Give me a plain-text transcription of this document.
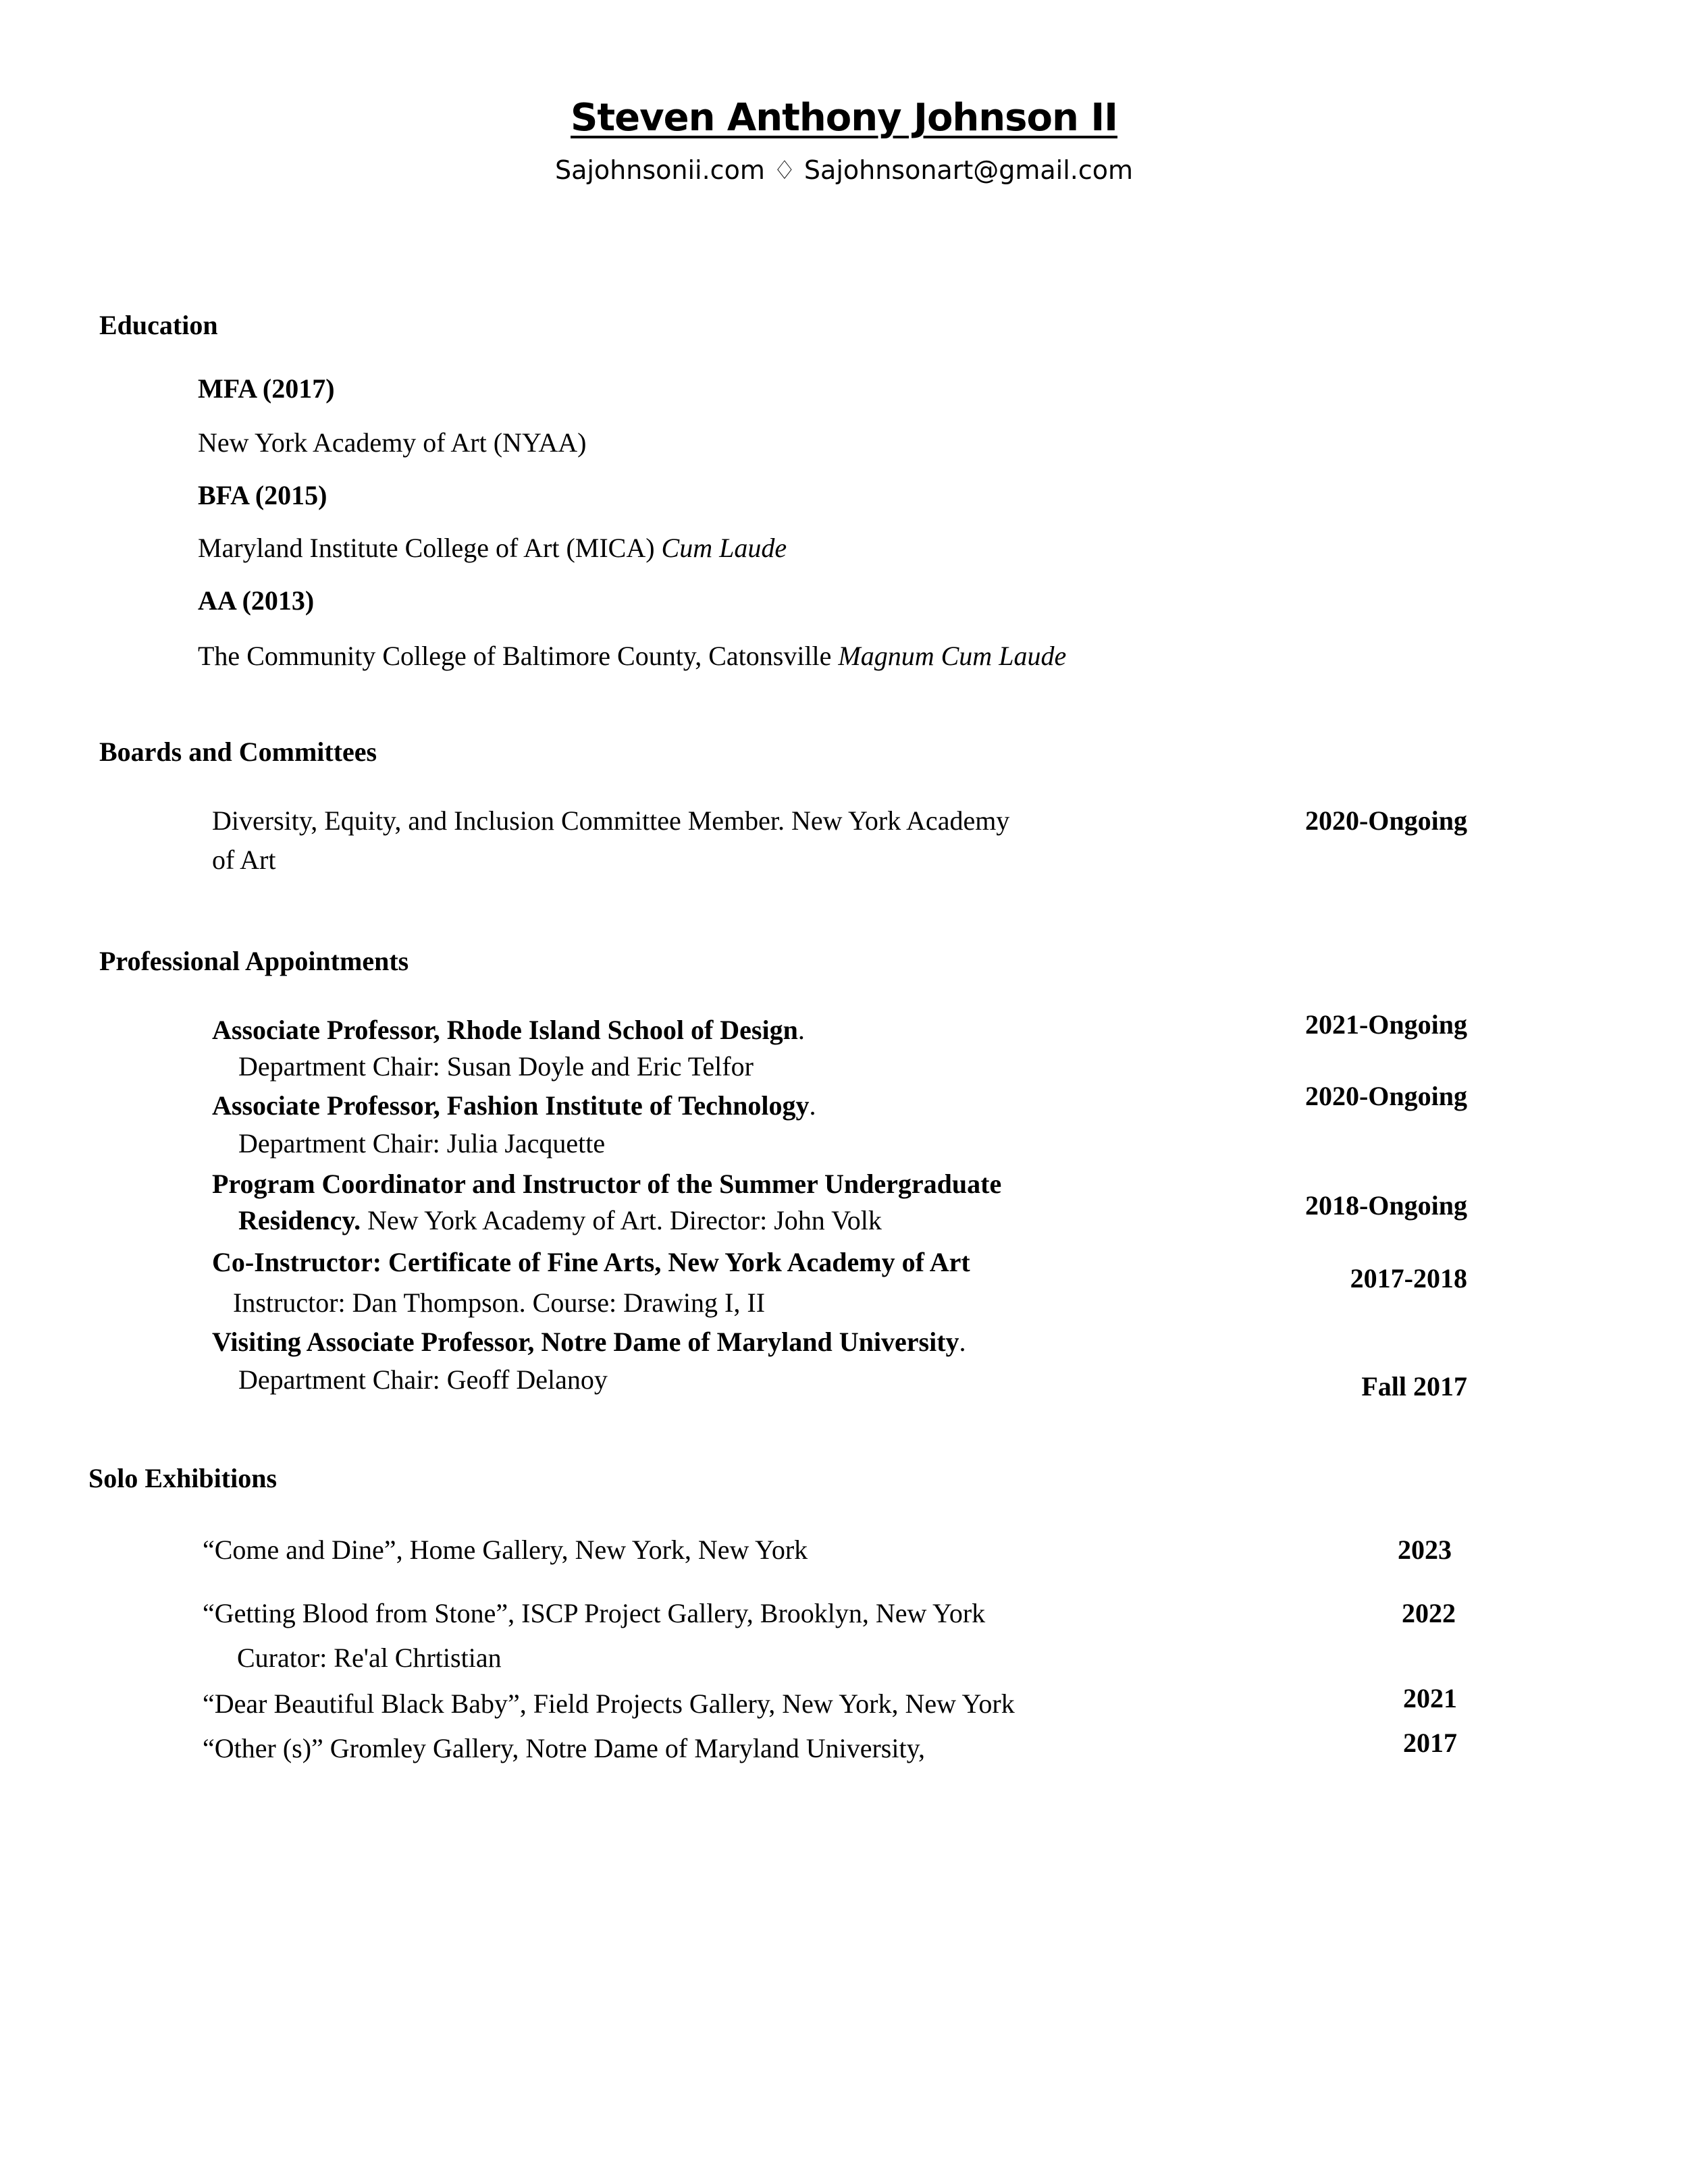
Steven Anthony Johnson II
Sajohnsonii.com ♢ Sajohnsonart@gmail.com
Education
MFA (2017)
New York Academy of Art (NYAA)
BFA (2015)
Maryland Institute College of Art (MICA) Cum Laude
AA (2013)
The Community College of Baltimore County, Catonsville Magnum Cum Laude
Boards and Committees
Diversity, Equity, and Inclusion Committee Member. New York Academy
of Art
2020-Ongoing
Professional Appointments
Associate Professor, Rhode Island School of Design.
Department Chair: Susan Doyle and Eric Telfor
2021-Ongoing
Associate Professor, Fashion Institute of Technology.
Department Chair: Julia Jacquette
2020-Ongoing
Program Coordinator and Instructor of the Summer Undergraduate
Residency. New York Academy of Art. Director: John Volk	2018-Ongoing
Co-Instructor: Certificate of Fine Arts, New York Academy of Art
Instructor: Dan Thompson. Course: Drawing I, II
2017-2018
Visiting Associate Professor, Notre Dame of Maryland University.
Department Chair: Geoff Delanoy	Fall 2017
Solo Exhibitions
“Come and Dine”, Home Gallery, New York, New York	2023
“Getting Blood from Stone”, ISCP Project Gallery, Brooklyn, New York
Curator: Re'al Chrtistian
2022
“Dear Beautiful Black Baby”, Field Projects Gallery, New York, New York	2021
“Other (s)” Gromley Gallery, Notre Dame of Maryland University,	2017
